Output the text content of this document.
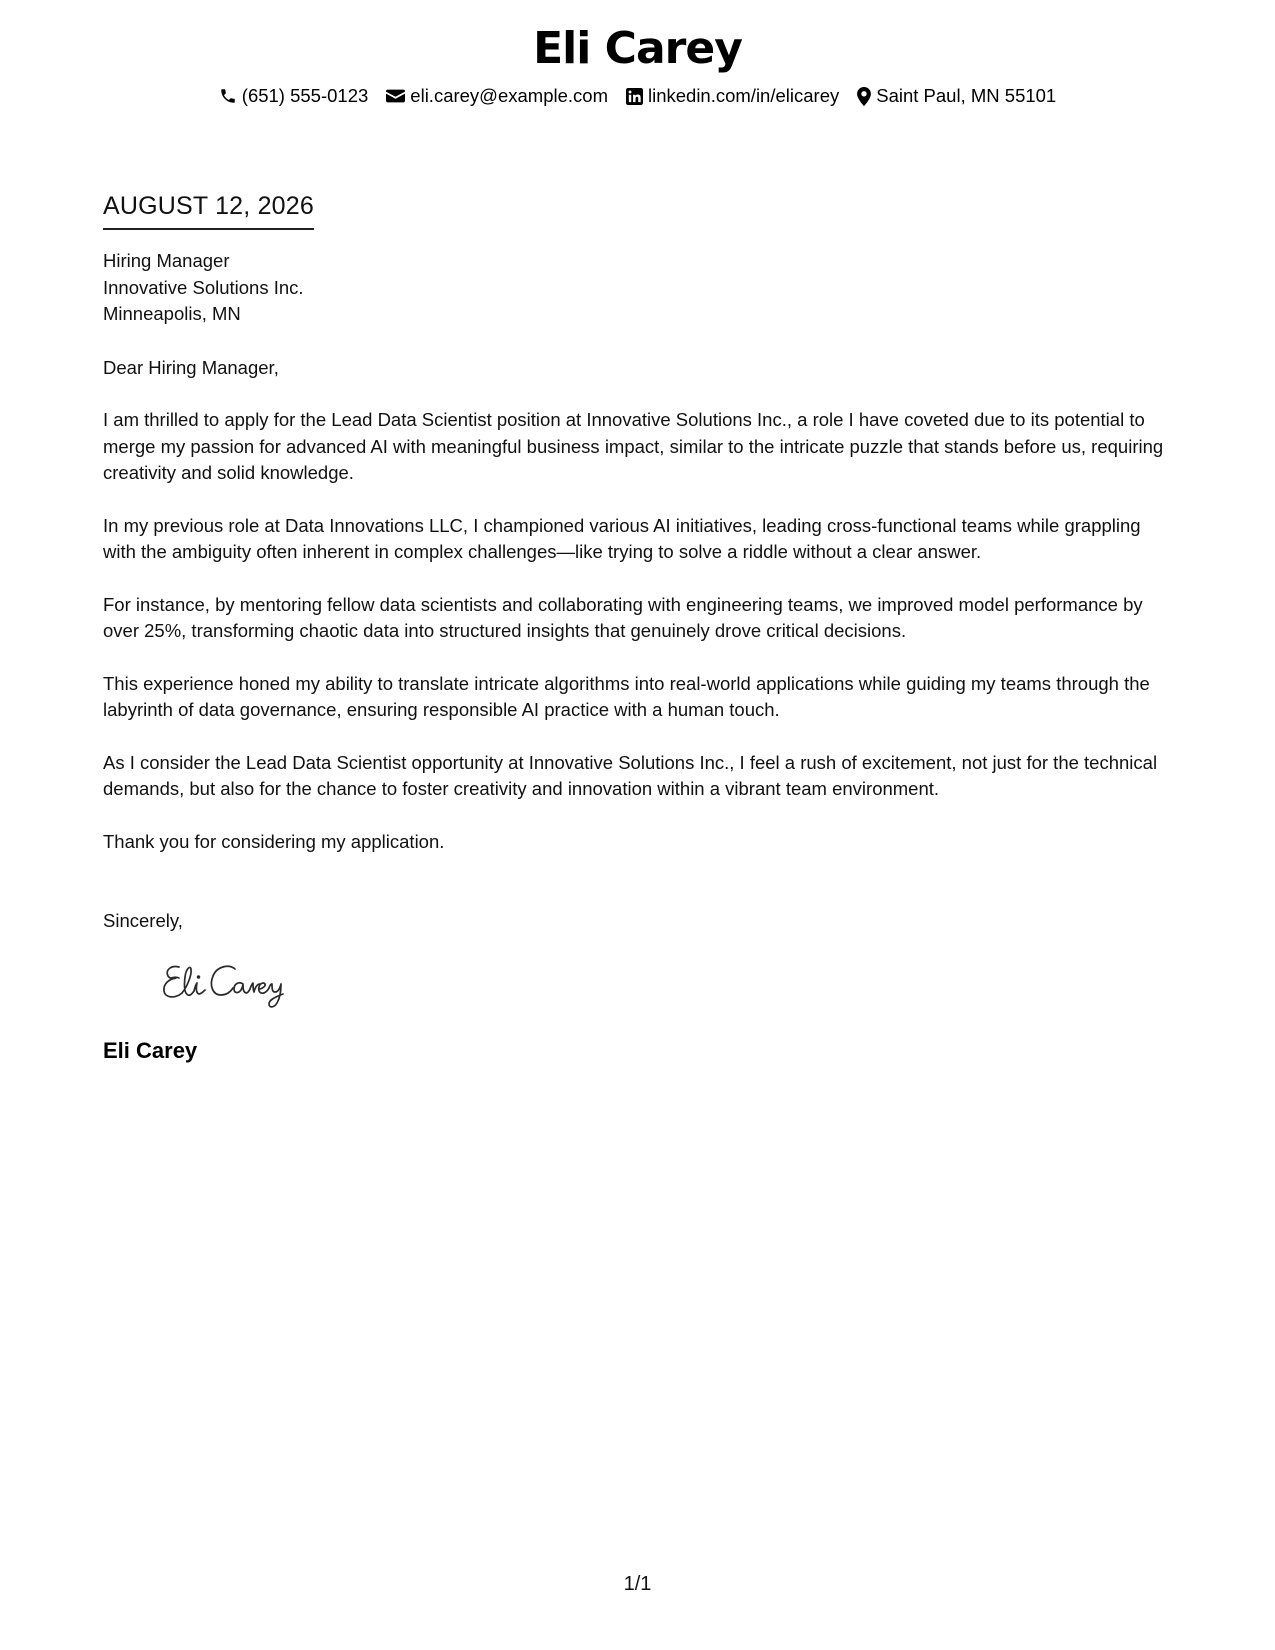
Eli Carey
(651) 555-0123 eli.carey@example.com linkedin.com/in/elicarey Saint Paul, MN 55101
AUGUST 12, 2026
Hiring Manager
Innovative Solutions Inc.
Minneapolis, MN
Dear Hiring Manager,

I am thrilled to apply for the Lead Data Scientist position at Innovative Solutions Inc., a role I have coveted due to its potential to merge my passion for advanced AI with meaningful business impact, similar to the intricate puzzle that stands before us, requiring creativity and solid knowledge.

In my previous role at Data Innovations LLC, I championed various AI initiatives, leading cross-functional teams while grappling with the ambiguity often inherent in complex challenges—like trying to solve a riddle without a clear answer.

For instance, by mentoring fellow data scientists and collaborating with engineering teams, we improved model performance by over 25%, transforming chaotic data into structured insights that genuinely drove critical decisions.

This experience honed my ability to translate intricate algorithms into real-world applications while guiding my teams through the labyrinth of data governance, ensuring responsible AI practice with a human touch.

As I consider the Lead Data Scientist opportunity at Innovative Solutions Inc., I feel a rush of excitement, not just for the technical demands, but also for the chance to foster creativity and innovation within a vibrant team environment.

Thank you for considering my application.

Sincerely,
Eli Carey
1/1
